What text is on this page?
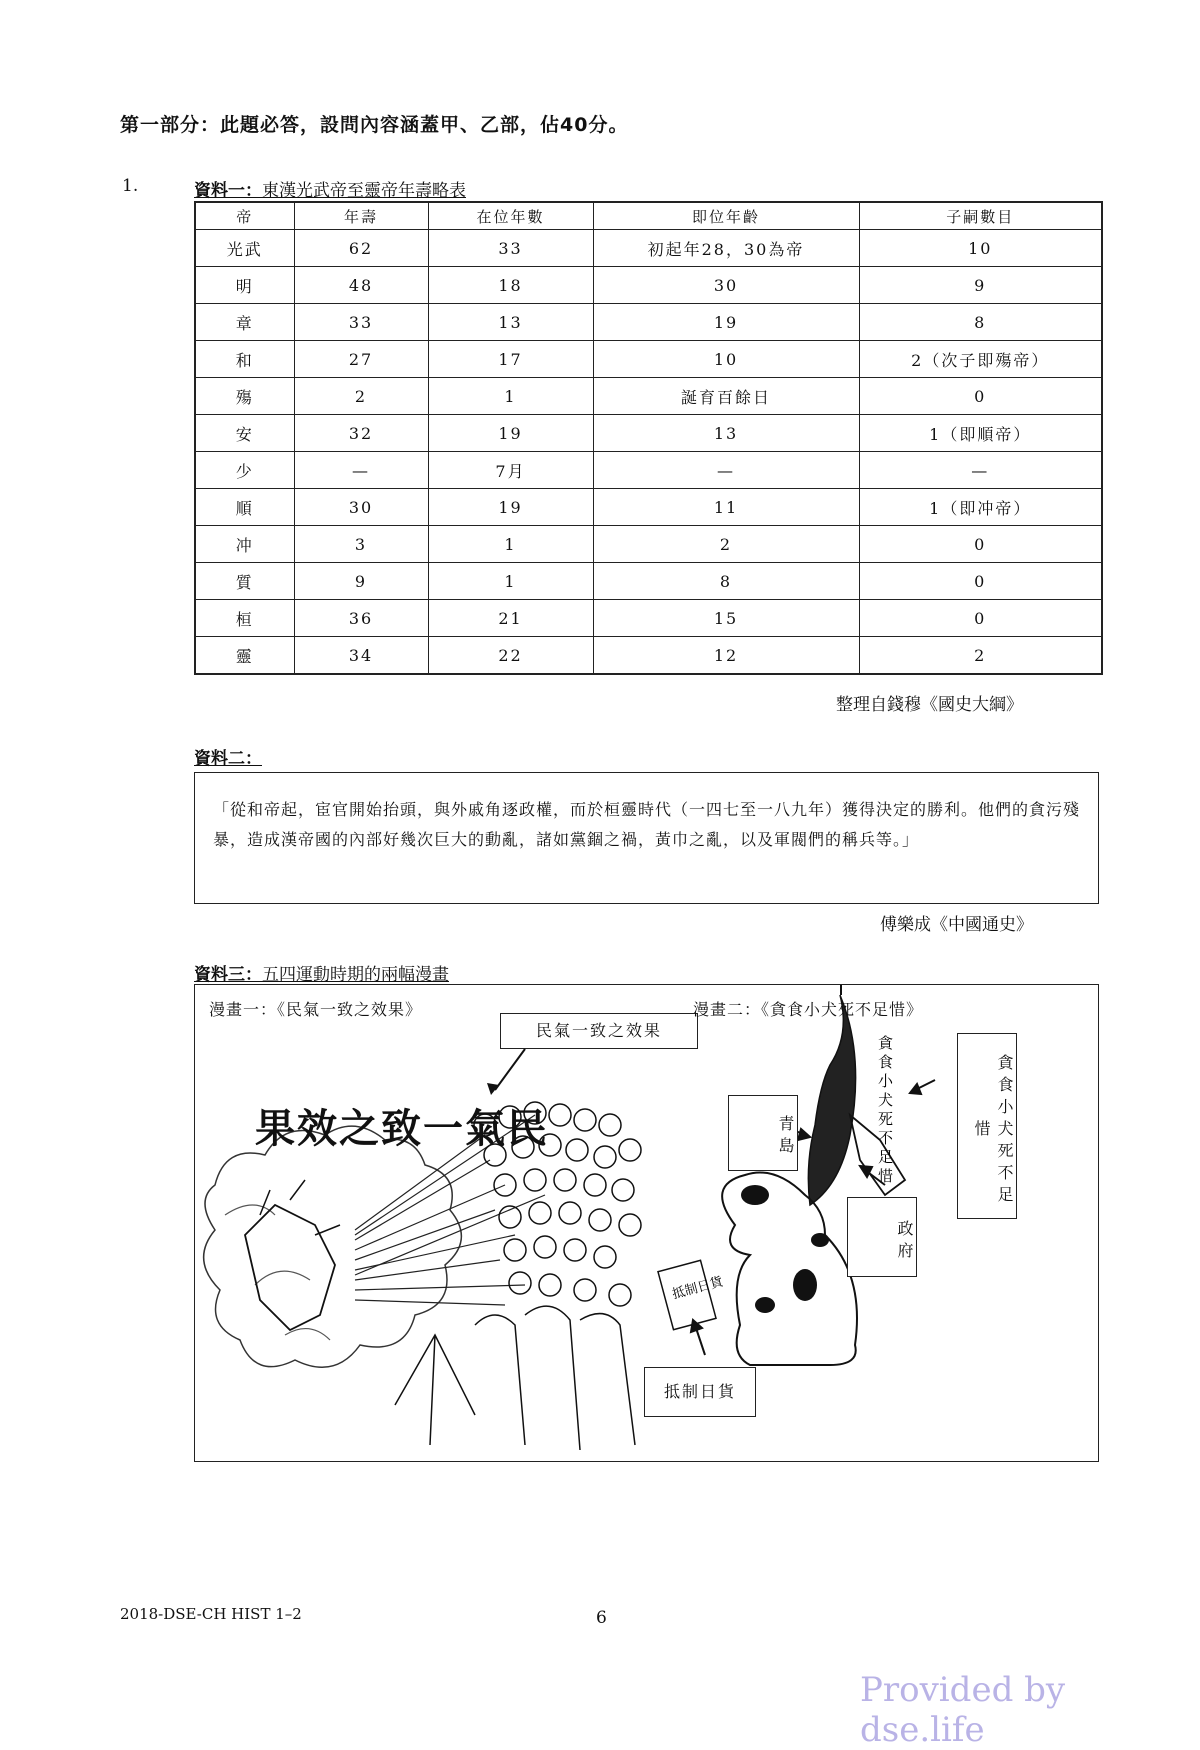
第一部分：此題必答，設問內容涵蓋甲、乙部，佔40分。
1.	資料一：東漢光武帝至靈帝年壽略表
帝	年壽	在位年數	即位年齡	子嗣數目
光武	62	33	初起年28，30為帝	10
明	48	18	30	9
章	33	13	19	8
和	27	17	10	2（次子即殤帝）
殤	2	1	誕育百餘日	0
安	32	19	13	1（即順帝）
少	—	7月	—	—
順	30	19	11	1（即冲帝）
冲	3	1	2	0
質	9	1	8	0
桓	36	21	15	0
靈	34	22	12	2
整理自錢穆《國史大綱》
資料二：
「從和帝起，宦官開始抬頭，與外戚角逐政權，而於桓靈時代（一四七至一八九年）獲得決定的勝利。他們的貪污殘暴，造成漢帝國的內部好幾次巨大的動亂，諸如黨錮之禍，黃巾之亂，以及軍閥們的稱兵等。」
傅樂成《中國通史》
資料三：五四運動時期的兩幅漫畫
漫畫一：《民氣一致之效果》
民氣一致之效果
果效之致一氣民
漫畫二：《貪食小犬死不足惜》
抵制日貨
貪食小犬死不足惜
青島
政府
貪食小犬死不足惜
抵制日貨
2018-DSE-CH HIST 1–2	6
Provided by dse.life
